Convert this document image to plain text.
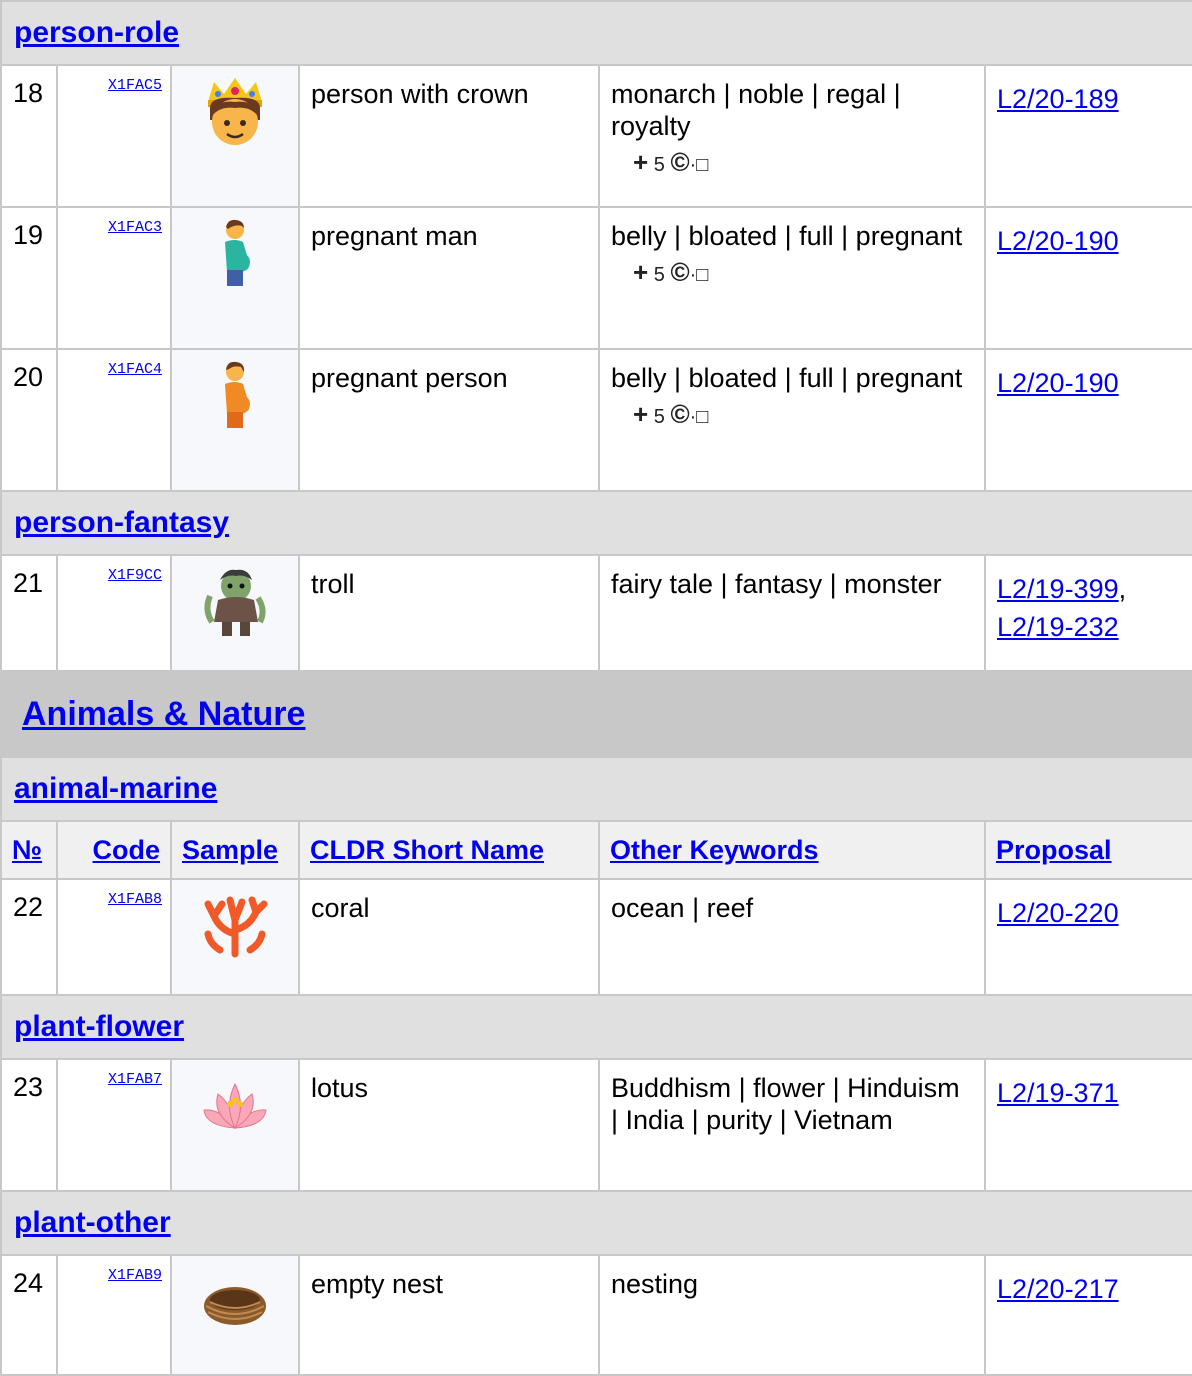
person-role					
18	X1FAC5		person with crown	monarch | noble | regal | royalty
+ 5 ©·□	L2/20-189
19	X1FAC3		pregnant man	belly | bloated | full | pregnant
+ 5 ©·□	L2/20-190
20	X1FAC4		pregnant person	belly | bloated | full | pregnant
+ 5 ©·□	L2/20-190
person-fantasy					
21	X1F9CC		troll	fairy tale | fantasy | monster	L2/19-399,
L2/19-232
Animals & Nature					
animal-marine					
№	Code	Sample	CLDR Short Name	Other Keywords	Proposal
22	X1FAB8		coral	ocean | reef	L2/20-220
plant-flower					
23	X1FAB7		lotus	Buddhism | flower | Hinduism | India | purity | Vietnam	L2/19-371
plant-other					
24	X1FAB9		empty nest	nesting	L2/20-217
